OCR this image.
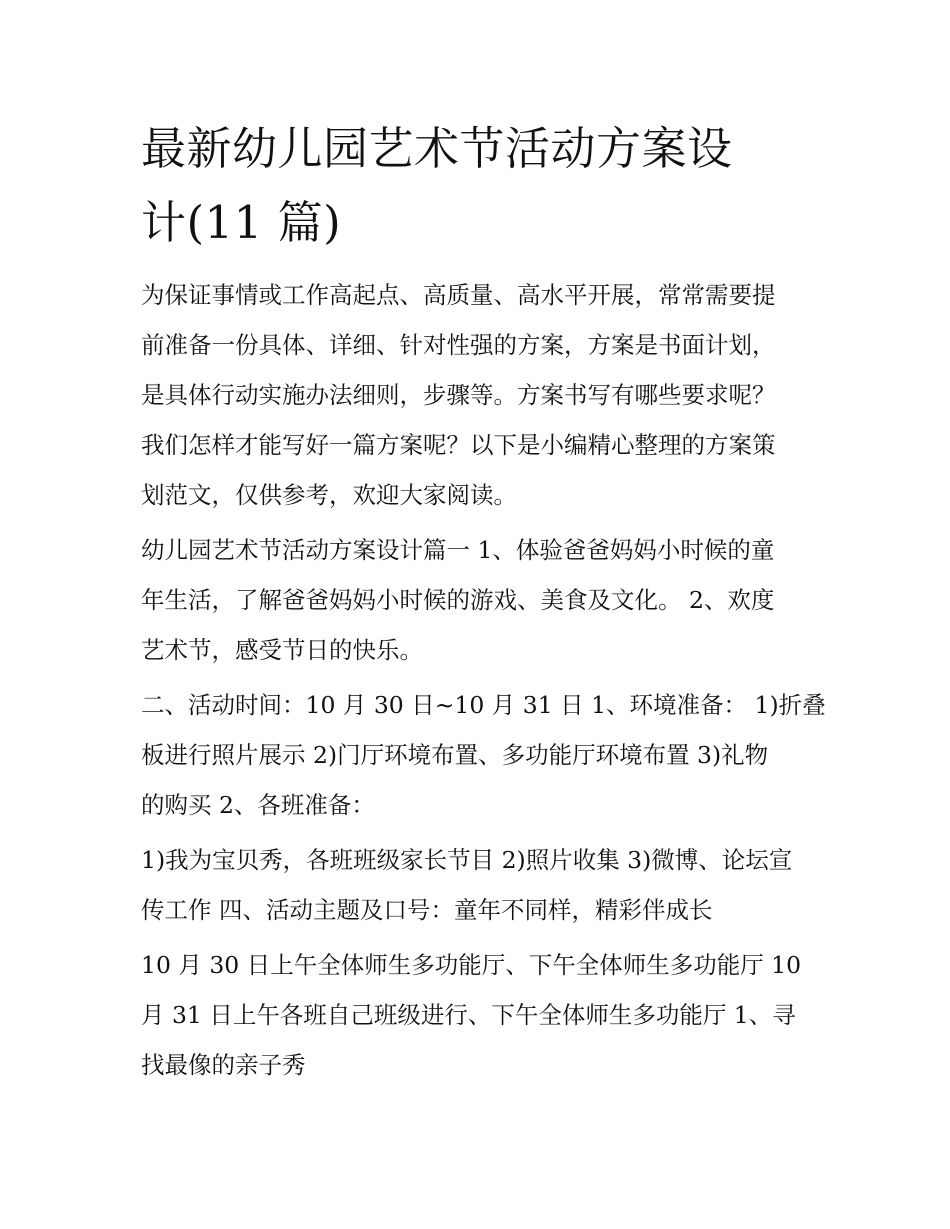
最新幼儿园艺术节活动方案设
计(11 篇)

为保证事情或工作高起点、高质量、高水平开展，常常需要提
前准备一份具体、详细、针对性强的方案，方案是书面计划，
是具体行动实施办法细则，步骤等。方案书写有哪些要求呢？
我们怎样才能写好一篇方案呢？以下是小编精心整理的方案策
划范文，仅供参考，欢迎大家阅读。

幼儿园艺术节活动方案设计篇一 1、体验爸爸妈妈小时候的童
年生活，了解爸爸妈妈小时候的游戏、美食及文化。 2、欢度
艺术节，感受节日的快乐。

二、活动时间：10 月 30 日~10 月 31 日 1、环境准备： 1)折叠
板进行照片展示 2)门厅环境布置、多功能厅环境布置 3)礼物
的购买 2、各班准备：

1)我为宝贝秀，各班班级家长节目 2)照片收集 3)微博、论坛宣
传工作 四、活动主题及口号：童年不同样，精彩伴成长

10 月 30 日上午全体师生多功能厅、下午全体师生多功能厅 10
月 31 日上午各班自己班级进行、下午全体师生多功能厅 1、寻
找最像的亲子秀
